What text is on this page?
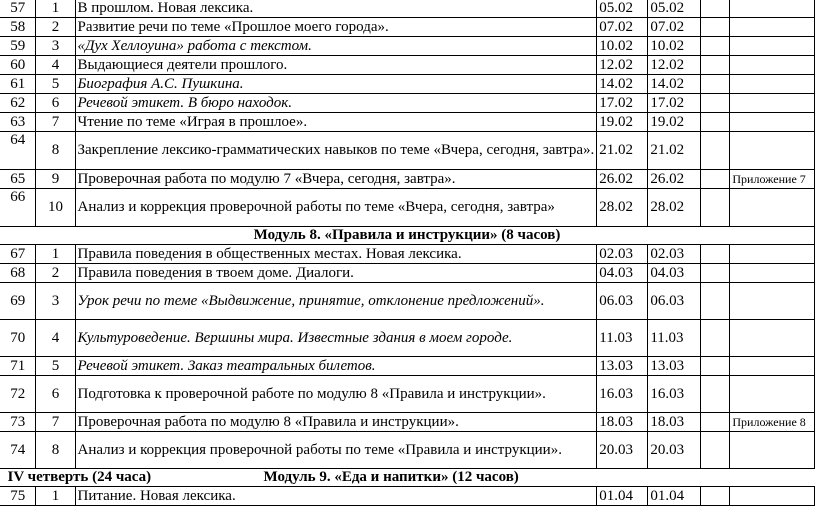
57	1	В прошлом. Новая лексика.	05.02	05.02		
58	2	Развитие речи по теме «Прошлое моего города».	07.02	07.02		
59	3	«Дух Хеллоуина» работа с текстом.	10.02	10.02		
60	4	Выдающиеся деятели прошлого.	12.02	12.02		
61	5	Биография А.С. Пушкина.	14.02	14.02		
62	6	Речевой этикет. В бюро находок.	17.02	17.02		
63	7	Чтение по теме «Играя в прошлое».	19.02	19.02		
64	8	Закрепление лексико-грамматических навыков по теме «Вчера, сегодня, завтра».	21.02	21.02		
65	9	Проверочная работа по модулю 7 «Вчера, сегодня, завтра».	26.02	26.02		Приложение 7
66	10	Анализ и коррекция проверочной работы по теме «Вчера, сегодня, завтра»	28.02	28.02		
Модуль 8. «Правила и инструкции» (8 часов)						
67	1	Правила поведения в общественных местах. Новая лексика.	02.03	02.03		
68	2	Правила поведения в твоем доме. Диалоги.	04.03	04.03		
69	3	Урок речи по теме «Выдвижение, принятие, отклонение предложений».	06.03	06.03		
70	4	Культуроведение. Вершины мира. Известные здания в моем городе.	11.03	11.03		
71	5	Речевой этикет. Заказ театральных билетов.	13.03	13.03		
72	6	Подготовка к проверочной работе по модулю 8 «Правила и инструкции».	16.03	16.03		
73	7	Проверочная работа по модулю 8 «Правила и инструкции».	18.03	18.03		Приложение 8
74	8	Анализ и коррекция проверочной работы по теме «Правила и инструкции».	20.03	20.03		
IV четверть (24 часа) Модуль 9. «Еда и напитки» (12 часов)						
75	1	Питание. Новая лексика.	01.04	01.04		
